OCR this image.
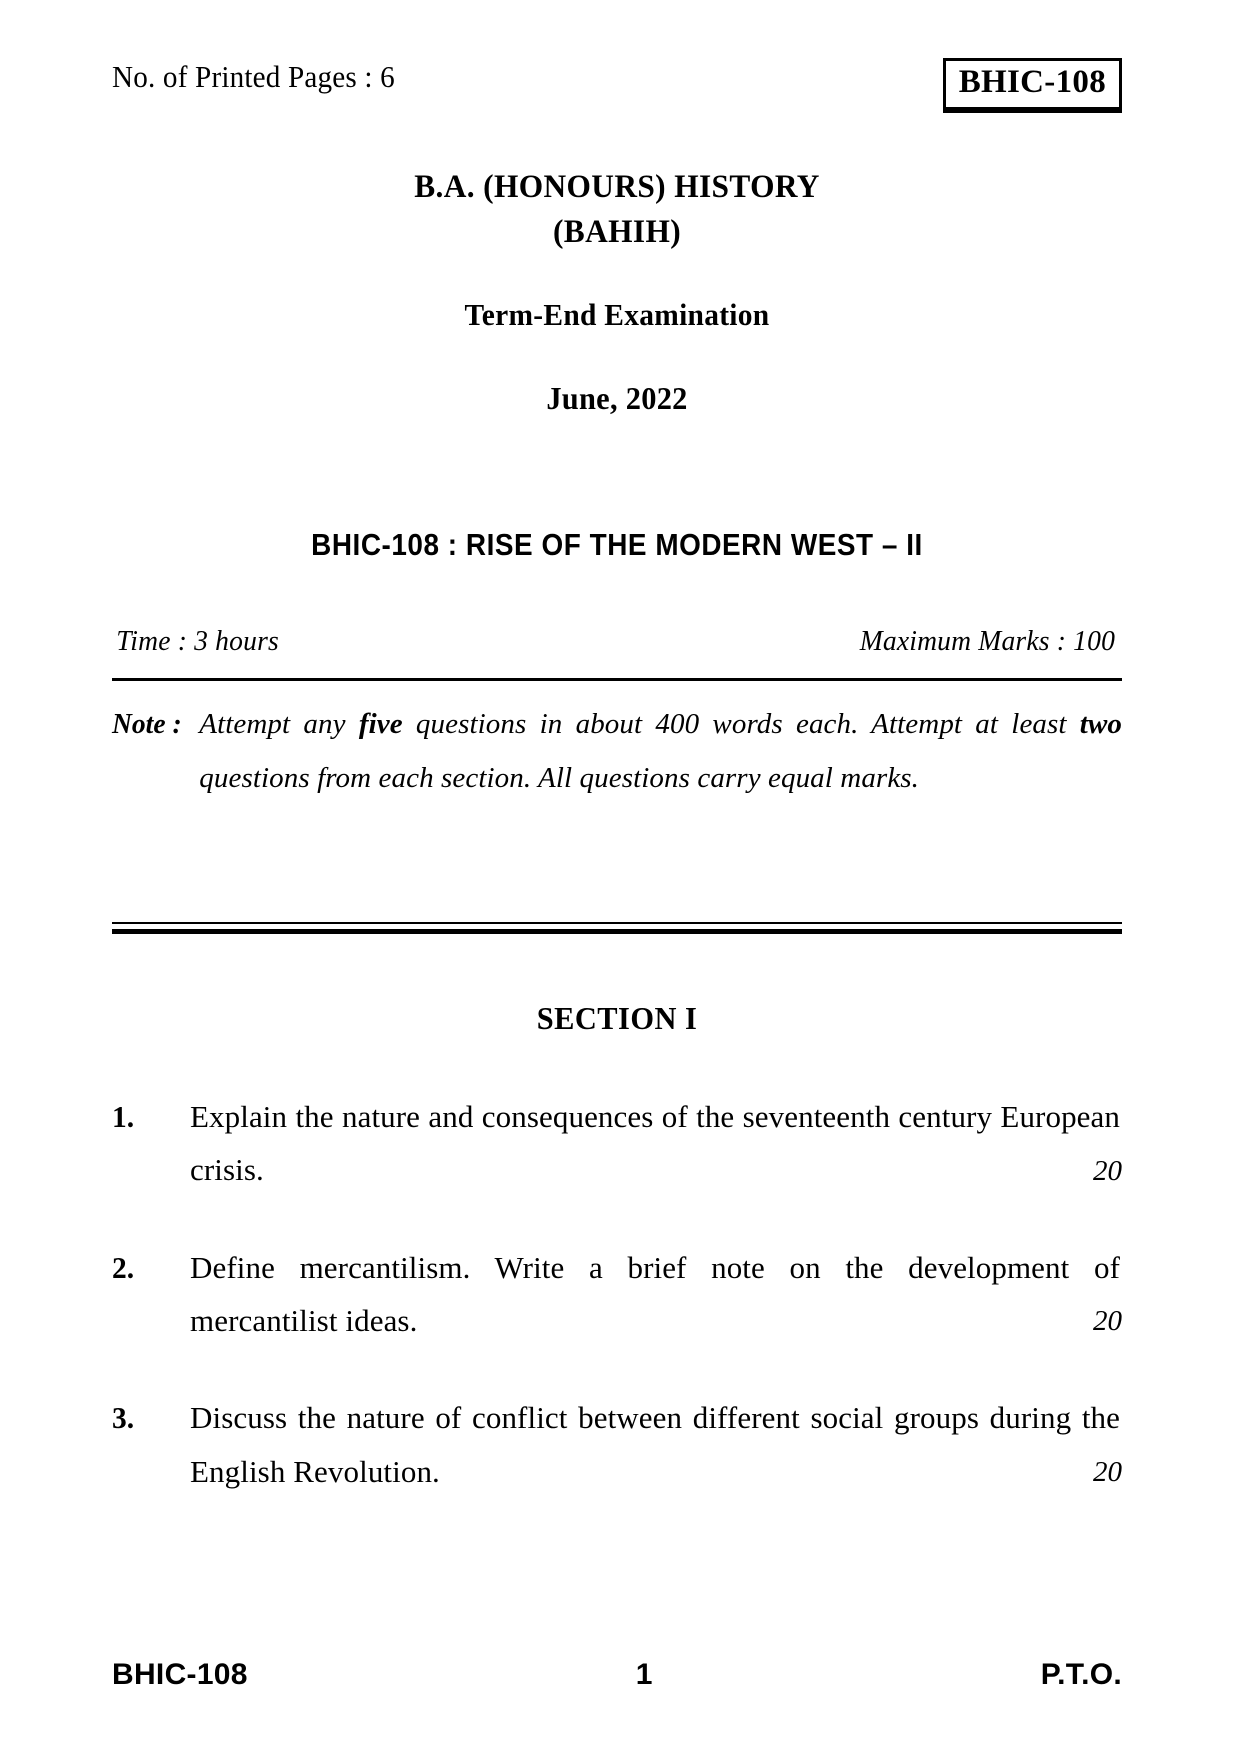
No. of Printed Pages : 6	BHIC-108
B.A. (HONOURS) HISTORY
(BAHIH)
Term-End Examination
June, 2022
BHIC-108 : RISE OF THE MODERN WEST – II
Time : 3 hours	Maximum Marks : 100
Note : Attempt any five questions in about 400 words each. Attempt at least two questions from each section. All questions carry equal marks.
SECTION I
1.	Explain the nature and consequences of the seventeenth century European crisis.	20
2.	Define mercantilism. Write a brief note on the development of mercantilist ideas.	20
3.	Discuss the nature of conflict between different social groups during the English Revolution.	20
BHIC-108	1	P.T.O.
